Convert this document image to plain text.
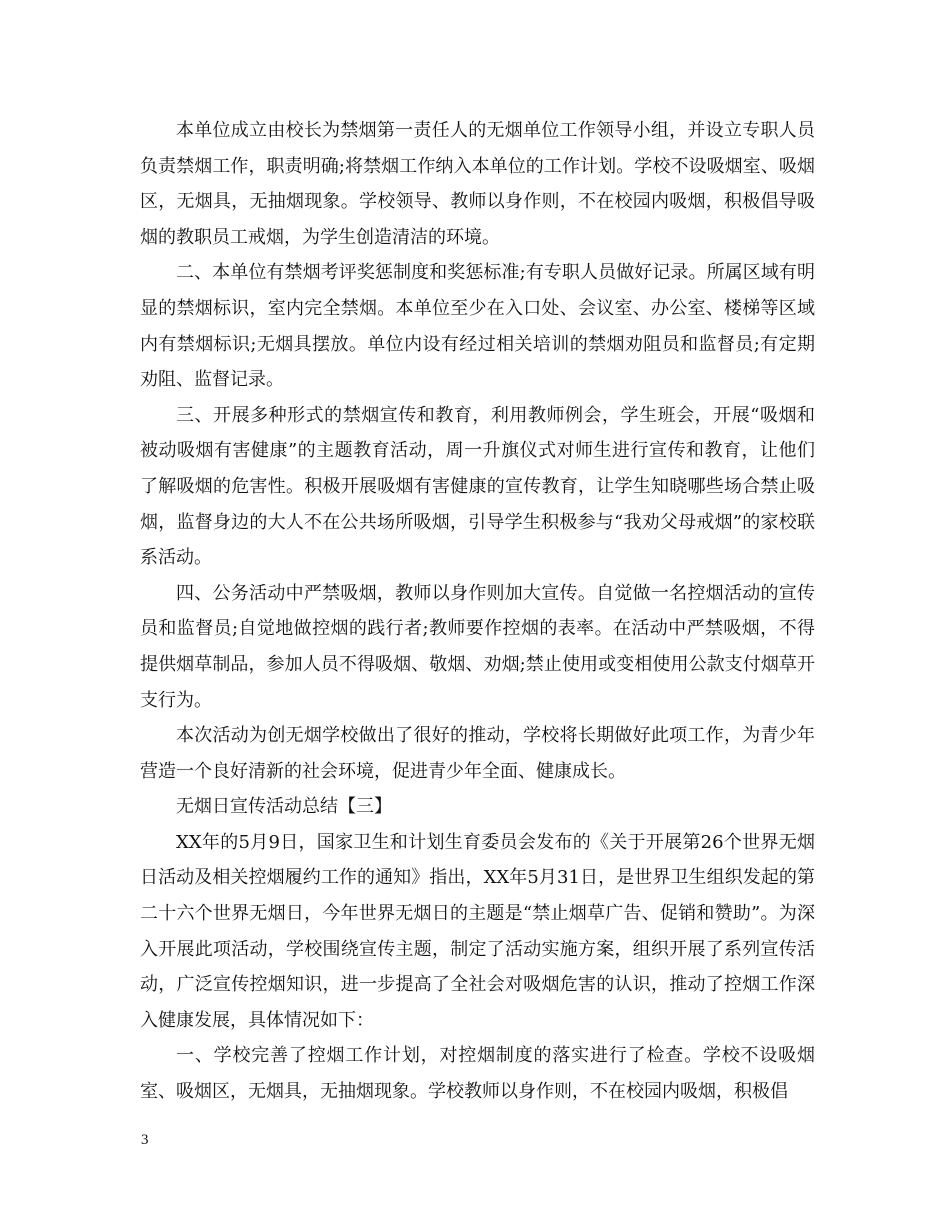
本单位成立由校长为禁烟第一责任人的无烟单位工作领导小组，并设立专职人员负责禁烟工作，职责明确;将禁烟工作纳入本单位的工作计划。学校不设吸烟室、吸烟区，无烟具，无抽烟现象。学校领导、教师以身作则，不在校园内吸烟，积极倡导吸烟的教职员工戒烟，为学生创造清洁的环境。

二、本单位有禁烟考评奖惩制度和奖惩标准;有专职人员做好记录。所属区域有明显的禁烟标识，室内完全禁烟。本单位至少在入口处、会议室、办公室、楼梯等区域内有禁烟标识;无烟具摆放。单位内设有经过相关培训的禁烟劝阻员和监督员;有定期劝阻、监督记录。

三、开展多种形式的禁烟宣传和教育，利用教师例会，学生班会，开展“吸烟和被动吸烟有害健康”的主题教育活动，周一升旗仪式对师生进行宣传和教育，让他们了解吸烟的危害性。积极开展吸烟有害健康的宣传教育，让学生知晓哪些场合禁止吸烟，监督身边的大人不在公共场所吸烟，引导学生积极参与“我劝父母戒烟”的家校联系活动。

四、公务活动中严禁吸烟，教师以身作则加大宣传。自觉做一名控烟活动的宣传员和监督员;自觉地做控烟的践行者;教师要作控烟的表率。在活动中严禁吸烟，不得提供烟草制品，参加人员不得吸烟、敬烟、劝烟;禁止使用或变相使用公款支付烟草开支行为。

本次活动为创无烟学校做出了很好的推动，学校将长期做好此项工作，为青少年营造一个良好清新的社会环境，促进青少年全面、健康成长。

无烟日宣传活动总结【三】

XX年的5月9日，国家卫生和计划生育委员会发布的《关于开展第26个世界无烟日活动及相关控烟履约工作的通知》指出，XX年5月31日，是世界卫生组织发起的第二十六个世界无烟日，今年世界无烟日的主题是“禁止烟草广告、促销和赞助”。为深入开展此项活动，学校围绕宣传主题，制定了活动实施方案，组织开展了系列宣传活动，广泛宣传控烟知识，进一步提高了全社会对吸烟危害的认识，推动了控烟工作深入健康发展，具体情况如下：

一、学校完善了控烟工作计划，对控烟制度的落实进行了检查。学校不设吸烟室、吸烟区，无烟具，无抽烟现象。学校教师以身作则，不在校园内吸烟，积极倡

3
